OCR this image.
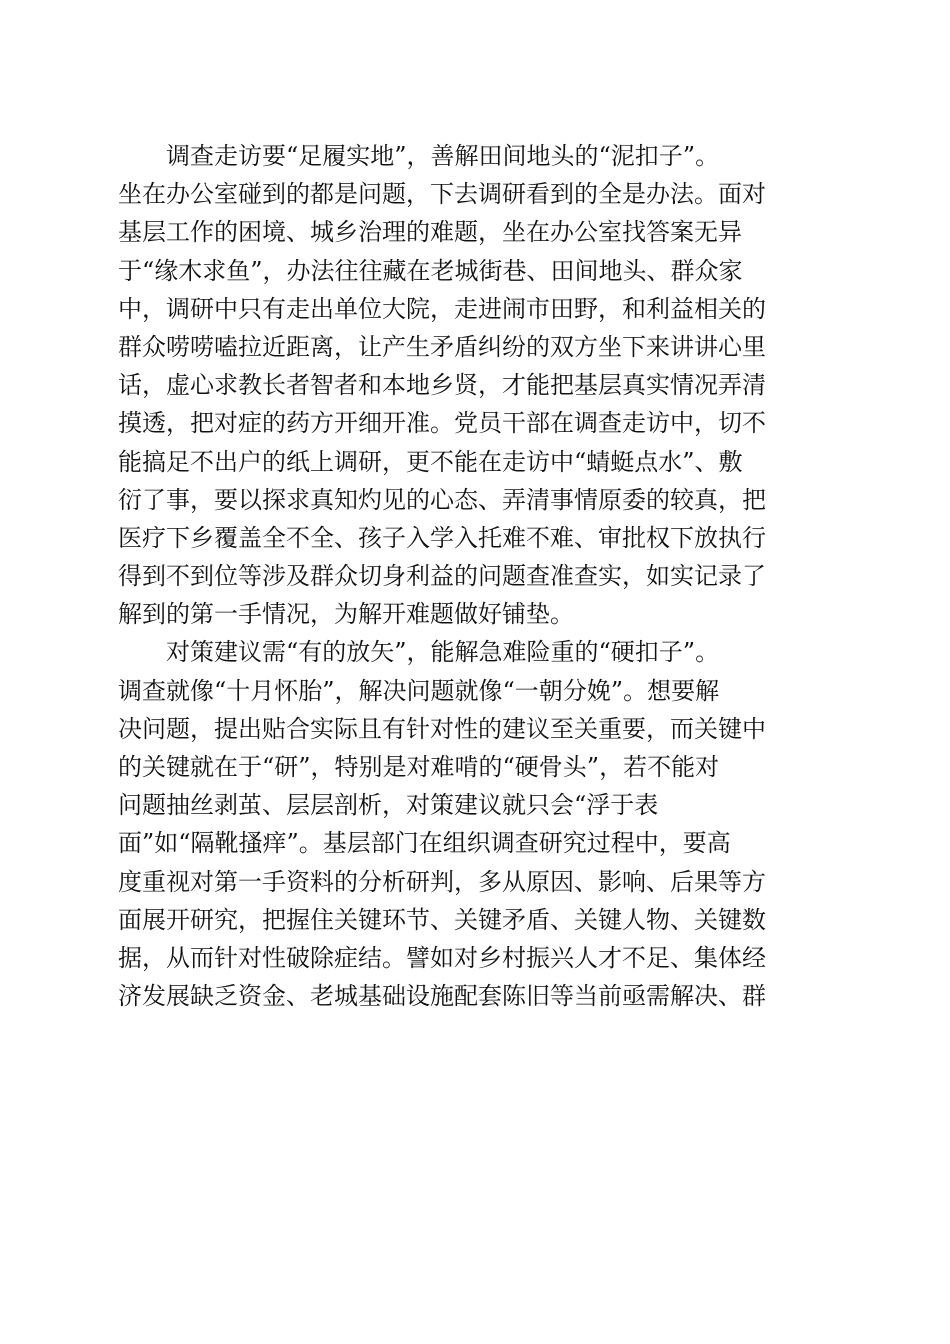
　　调查走访要“足履实地”，善解田间地头的“泥扣子”。
坐在办公室碰到的都是问题，下去调研看到的全是办法。面对
基层工作的困境、城乡治理的难题，坐在办公室找答案无异
于“缘木求鱼”，办法往往藏在老城街巷、田间地头、群众家
中，调研中只有走出单位大院，走进闹市田野，和利益相关的
群众唠唠嗑拉近距离，让产生矛盾纠纷的双方坐下来讲讲心里
话，虚心求教长者智者和本地乡贤，才能把基层真实情况弄清
摸透，把对症的药方开细开准。党员干部在调查走访中，切不
能搞足不出户的纸上调研，更不能在走访中“蜻蜓点水”、敷
衍了事，要以探求真知灼见的心态、弄清事情原委的较真，把
医疗下乡覆盖全不全、孩子入学入托难不难、审批权下放执行
得到不到位等涉及群众切身利益的问题查准查实，如实记录了
解到的第一手情况，为解开难题做好铺垫。
　　对策建议需“有的放矢”，能解急难险重的“硬扣子”。
调查就像“十月怀胎”，解决问题就像“一朝分娩”。想要解
决问题，提出贴合实际且有针对性的建议至关重要，而关键中
的关键就在于“研”，特别是对难啃的“硬骨头”，若不能对
问题抽丝剥茧、层层剖析，对策建议就只会“浮于表
面”如“隔靴搔痒”。基层部门在组织调查研究过程中，要高
度重视对第一手资料的分析研判，多从原因、影响、后果等方
面展开研究，把握住关键环节、关键矛盾、关键人物、关键数
据，从而针对性破除症结。譬如对乡村振兴人才不足、集体经
济发展缺乏资金、老城基础设施配套陈旧等当前亟需解决、群
